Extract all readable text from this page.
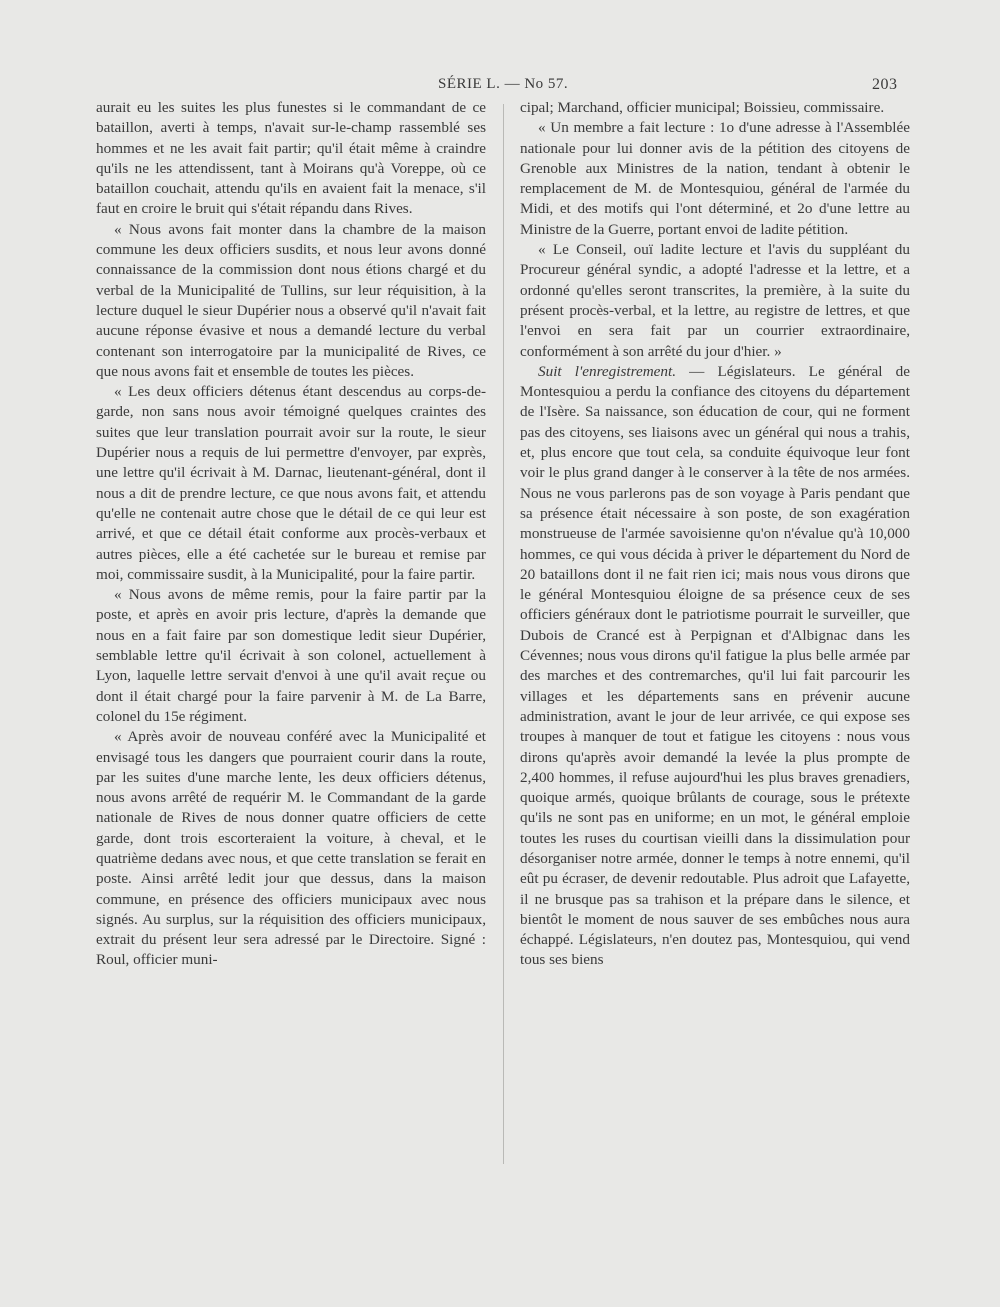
SÉRIE L. — No 57.	203

aurait eu les suites les plus funestes si le commandant de ce bataillon, averti à temps, n'avait sur-le-champ rassemblé ses hommes et ne les avait fait partir; qu'il était même à craindre qu'ils ne les attendissent, tant à Moirans qu'à Voreppe, où ce bataillon couchait, attendu qu'ils en avaient fait la menace, s'il faut en croire le bruit qui s'était répandu dans Rives.

« Nous avons fait monter dans la chambre de la maison commune les deux officiers susdits, et nous leur avons donné connaissance de la commission dont nous étions chargé et du verbal de la Municipalité de Tullins, sur leur réquisition, à la lecture duquel le sieur Dupérier nous a observé qu'il n'avait fait aucune réponse évasive et nous a demandé lecture du verbal contenant son interrogatoire par la municipalité de Rives, ce que nous avons fait et ensemble de toutes les pièces.

« Les deux officiers détenus étant descendus au corps-de-garde, non sans nous avoir témoigné quelques craintes des suites que leur translation pourrait avoir sur la route, le sieur Dupérier nous a requis de lui permettre d'envoyer, par exprès, une lettre qu'il écrivait à M. Darnac, lieutenant-général, dont il nous a dit de prendre lecture, ce que nous avons fait, et attendu qu'elle ne contenait autre chose que le détail de ce qui leur est arrivé, et que ce détail était conforme aux procès-verbaux et autres pièces, elle a été cachetée sur le bureau et remise par moi, commissaire susdit, à la Municipalité, pour la faire partir.

« Nous avons de même remis, pour la faire partir par la poste, et après en avoir pris lecture, d'après la demande que nous en a fait faire par son domestique ledit sieur Dupérier, semblable lettre qu'il écrivait à son colonel, actuellement à Lyon, laquelle lettre servait d'envoi à une qu'il avait reçue ou dont il était chargé pour la faire parvenir à M. de La Barre, colonel du 15e régiment.

« Après avoir de nouveau conféré avec la Municipalité et envisagé tous les dangers que pourraient courir dans la route, par les suites d'une marche lente, les deux officiers détenus, nous avons arrêté de requérir M. le Commandant de la garde nationale de Rives de nous donner quatre officiers de cette garde, dont trois escorteraient la voiture, à cheval, et le quatrième dedans avec nous, et que cette translation se ferait en poste. Ainsi arrêté ledit jour que dessus, dans la maison commune, en présence des officiers municipaux avec nous signés. Au surplus, sur la réquisition des officiers municipaux, extrait du présent leur sera adressé par le Directoire. Signé : Roul, officier muni-

cipal; Marchand, officier municipal; Boissieu, commissaire.

« Un membre a fait lecture : 1o d'une adresse à l'Assemblée nationale pour lui donner avis de la pétition des citoyens de Grenoble aux Ministres de la nation, tendant à obtenir le remplacement de M. de Montesquiou, général de l'armée du Midi, et des motifs qui l'ont déterminé, et 2o d'une lettre au Ministre de la Guerre, portant envoi de ladite pétition.

« Le Conseil, ouï ladite lecture et l'avis du suppléant du Procureur général syndic, a adopté l'adresse et la lettre, et a ordonné qu'elles seront transcrites, la première, à la suite du présent procès-verbal, et la lettre, au registre de lettres, et que l'envoi en sera fait par un courrier extraordinaire, conformément à son arrêté du jour d'hier. »

Suit l'enregistrement. — Législateurs. Le général de Montesquiou a perdu la confiance des citoyens du département de l'Isère. Sa naissance, son éducation de cour, qui ne forment pas des citoyens, ses liaisons avec un général qui nous a trahis, et, plus encore que tout cela, sa conduite équivoque leur font voir le plus grand danger à le conserver à la tête de nos armées. Nous ne vous parlerons pas de son voyage à Paris pendant que sa présence était nécessaire à son poste, de son exagération monstrueuse de l'armée savoisienne qu'on n'évalue qu'à 10,000 hommes, ce qui vous décida à priver le département du Nord de 20 bataillons dont il ne fait rien ici; mais nous vous dirons que le général Montesquiou éloigne de sa présence ceux de ses officiers généraux dont le patriotisme pourrait le surveiller, que Dubois de Crancé est à Perpignan et d'Albignac dans les Cévennes; nous vous dirons qu'il fatigue la plus belle armée par des marches et des contremarches, qu'il lui fait parcourir les villages et les départements sans en prévenir aucune administration, avant le jour de leur arrivée, ce qui expose ses troupes à manquer de tout et fatigue les citoyens : nous vous dirons qu'après avoir demandé la levée la plus prompte de 2,400 hommes, il refuse aujourd'hui les plus braves grenadiers, quoique armés, quoique brûlants de courage, sous le prétexte qu'ils ne sont pas en uniforme; en un mot, le général emploie toutes les ruses du courtisan vieilli dans la dissimulation pour désorganiser notre armée, donner le temps à notre ennemi, qu'il eût pu écraser, de devenir redoutable. Plus adroit que Lafayette, il ne brusque pas sa trahison et la prépare dans le silence, et bientôt le moment de nous sauver de ses embûches nous aura échappé. Législateurs, n'en doutez pas, Montesquiou, qui vend tous ses biens
